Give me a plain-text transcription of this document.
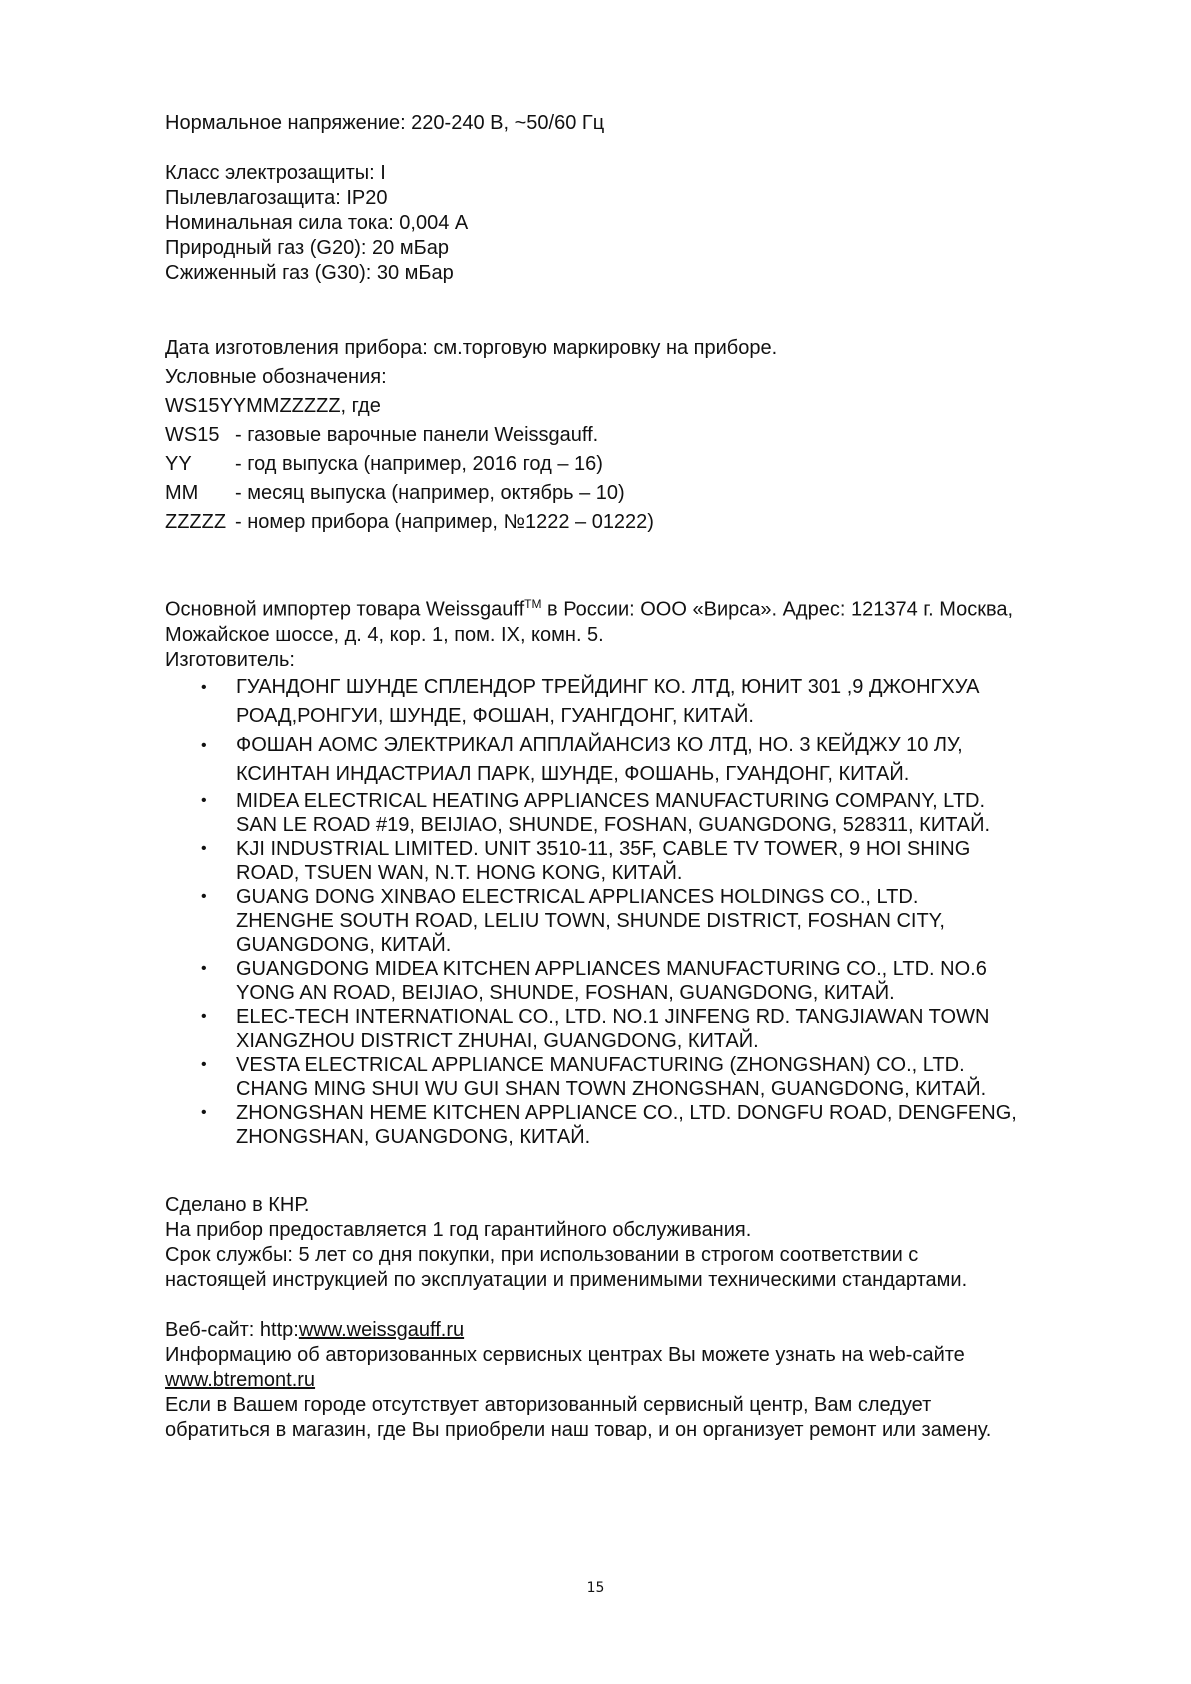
Нормальное напряжение: 220-240 В, ~50/60 Гц

Класс электрозащиты: I

Пылевлагозащита: IP20

Номинальная сила тока: 0,004 А

Природный газ (G20): 20 мБар

Сжиженный газ (G30): 30 мБар

Дата изготовления прибора: см.торговую маркировку на приборе.

Условные обозначения:

WS15YYMMZZZZZ, где

WS15 - газовые варочные панели Weissgauff.

YY	- год выпуска (например, 2016 год – 16)

MM	- месяц выпуска (например, октябрь – 10)

ZZZZZ - номер прибора (например, №1222 – 01222)

Основной импортер товара Weissgauff™ в России: ООО «Вирса». Адрес: 121374 г. Москва,

Можайское шоссе, д. 4, кор. 1, пом. IX, комн. 5.

Изготовитель:

• ГУАНДОНГ ШУНДЕ СПЛЕНДОР ТРЕЙДИНГ КО. ЛТД, ЮНИТ 301 ,9 ДЖОНГХУА
РОАД,РОНГУИ, ШУНДЕ, ФОШАН, ГУАНГДОНГ, КИТАЙ.
• ФОШАН АОМС ЭЛЕКТРИКАЛ АППЛАЙАНСИЗ КО ЛТД, НО. 3 КЕЙДЖУ 10 ЛУ,
КСИНТАН ИНДАСТРИАЛ ПАРК, ШУНДЕ, ФОШАНЬ, ГУАНДОНГ, КИТАЙ.
• MIDEA ELECTRICAL HEATING APPLIANCES MANUFACTURING COMPANY, LTD.
SAN LE ROAD #19, BEIJIAO, SHUNDE, FOSHAN, GUANGDONG, 528311, КИТАЙ.
• KJI INDUSTRIAL LIMITED. UNIT 3510-11, 35F, CABLE TV TOWER, 9 HOI SHING
ROAD, TSUEN WAN, N.T. HONG KONG, КИТАЙ.
• GUANG DONG XINBAO ELECTRICAL APPLIANCES HOLDINGS CO., LTD.
ZHENGHE SOUTH ROAD, LELIU TOWN, SHUNDE DISTRICT, FOSHAN CITY,
GUANGDONG, КИТАЙ.
• GUANGDONG MIDEA KITCHEN APPLIANCES MANUFACTURING CO., LTD. NO.6
YONG AN ROAD, BEIJIAO, SHUNDE, FOSHAN, GUANGDONG, КИТАЙ.
• ELEC-TECH INTERNATIONAL CO., LTD. NO.1 JINFENG RD. TANGJIAWAN TOWN
XIANGZHOU DISTRICT ZHUHAI, GUANGDONG, КИТАЙ.
• VESTA ELECTRICAL APPLIANCE MANUFACTURING (ZHONGSHAN) CO., LTD.
CHANG MING SHUI WU GUI SHAN TOWN ZHONGSHAN, GUANGDONG, КИТАЙ.
• ZHONGSHAN HEME KITCHEN APPLIANCE CO., LTD. DONGFU ROAD, DENGFENG,
ZHONGSHAN, GUANGDONG, КИТАЙ.

Сделано в КНР.

На прибор предоставляется 1 год гарантийного обслуживания.

Срок службы: 5 лет со дня покупки, при использовании в строгом соответствии с

настоящей инструкцией по эксплуатации и применимыми техническими стандартами.

Веб-сайт: http:www.weissgauff.ru

Информацию об авторизованных сервисных центрах Вы можете узнать на web-сайте

www.btremont.ru

Если в Вашем городе отсутствует авторизованный сервисный центр, Вам следует

обратиться в магазин, где Вы приобрели наш товар, и он организует ремонт или замену.

15
